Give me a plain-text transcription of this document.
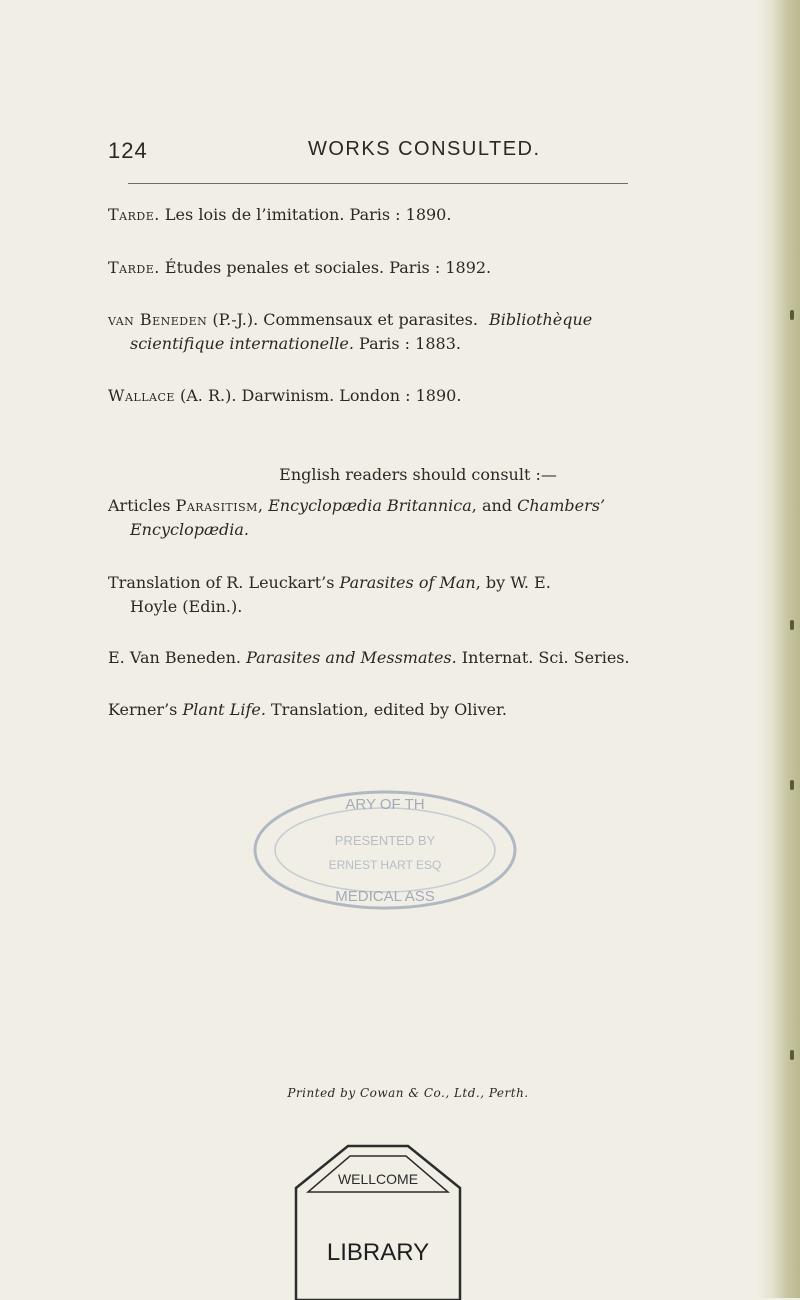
124	WORKS CONSULTED.
Tarde. Les lois de l’imitation. Paris : 1890.
Tarde. Études penales et sociales. Paris : 1892.
van Beneden (P.-J.). Commensaux et parasites. Bibliothèque
scientifique internationelle. Paris : 1883.
Wallace (A. R.). Darwinism. London : 1890.
English readers should consult :—
Articles Parasitism, Encyclopædia Britannica, and Chambers’
Encyclopædia.
Translation of R. Leuckart’s Parasites of Man, by W. E.
Hoyle (Edin.).
E. Van Beneden. Parasites and Messmates. Internat. Sci. Series.
Kerner’s Plant Life. Translation, edited by Oliver.
ARY OF TH
PRESENTED BY
ERNEST HART ESQ
MEDICAL ASS
Printed by Cowan & Co., Ltd., Perth.
WELLCOME
LIBRARY
